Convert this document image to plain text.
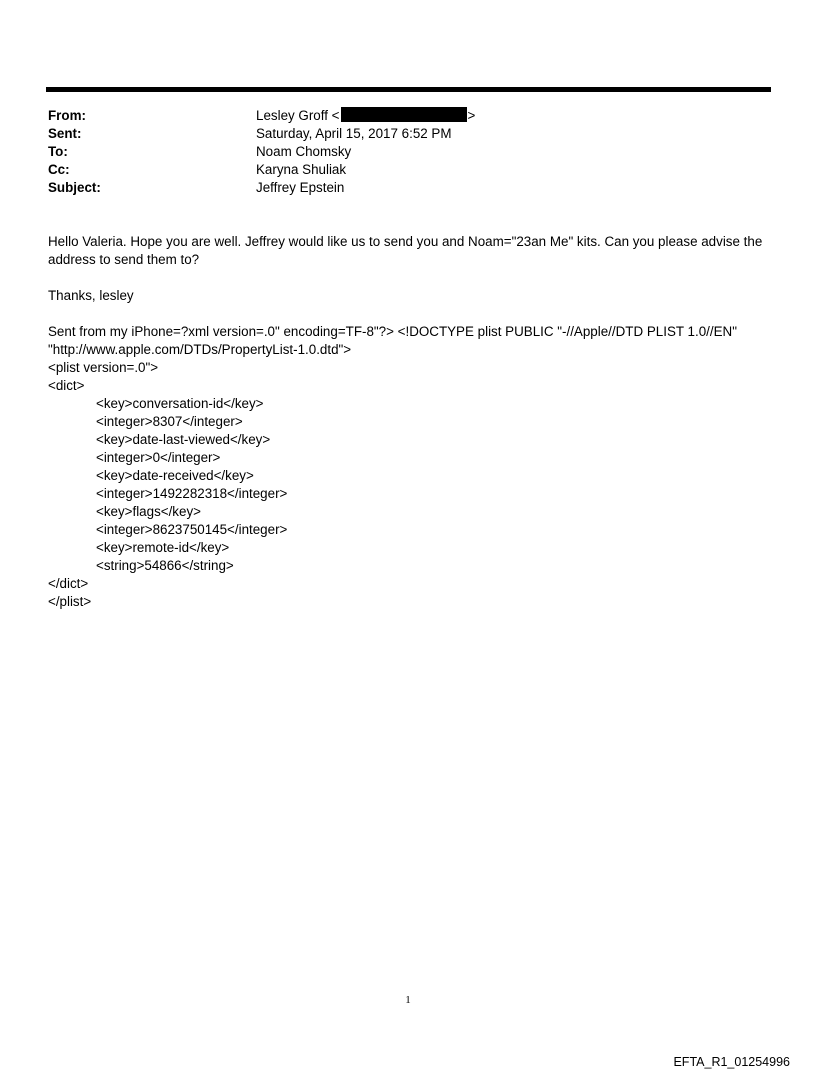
From:	Lesley Groff <	>
Sent:	Saturday, April 15, 2017 6:52 PM
To:	Noam Chomsky
Cc:	Karyna Shuliak
Subject:	Jeffrey Epstein
Hello Valeria. Hope you are well. Jeffrey would like us to send you and Noam="23an Me" kits. Can you please advise the
address to send them to?
Thanks, lesley
Sent from my iPhone=?xml version=.0" encoding=TF-8"?> <!DOCTYPE plist PUBLIC "-//Apple//DTD PLIST 1.0//EN"
"http://www.apple.com/DTDs/PropertyList-1.0.dtd">
<plist version=.0">
<dict>
<key>conversation-id</key>
<integer>8307</integer>
<key>date-last-viewed</key>
<integer>0</integer>
<key>date-received</key>
<integer>1492282318</integer>
<key>flags</key>
<integer>8623750145</integer>
<key>remote-id</key>
<string>54866</string>
</dict>
</plist>
1
EFTA_R1_01254996
